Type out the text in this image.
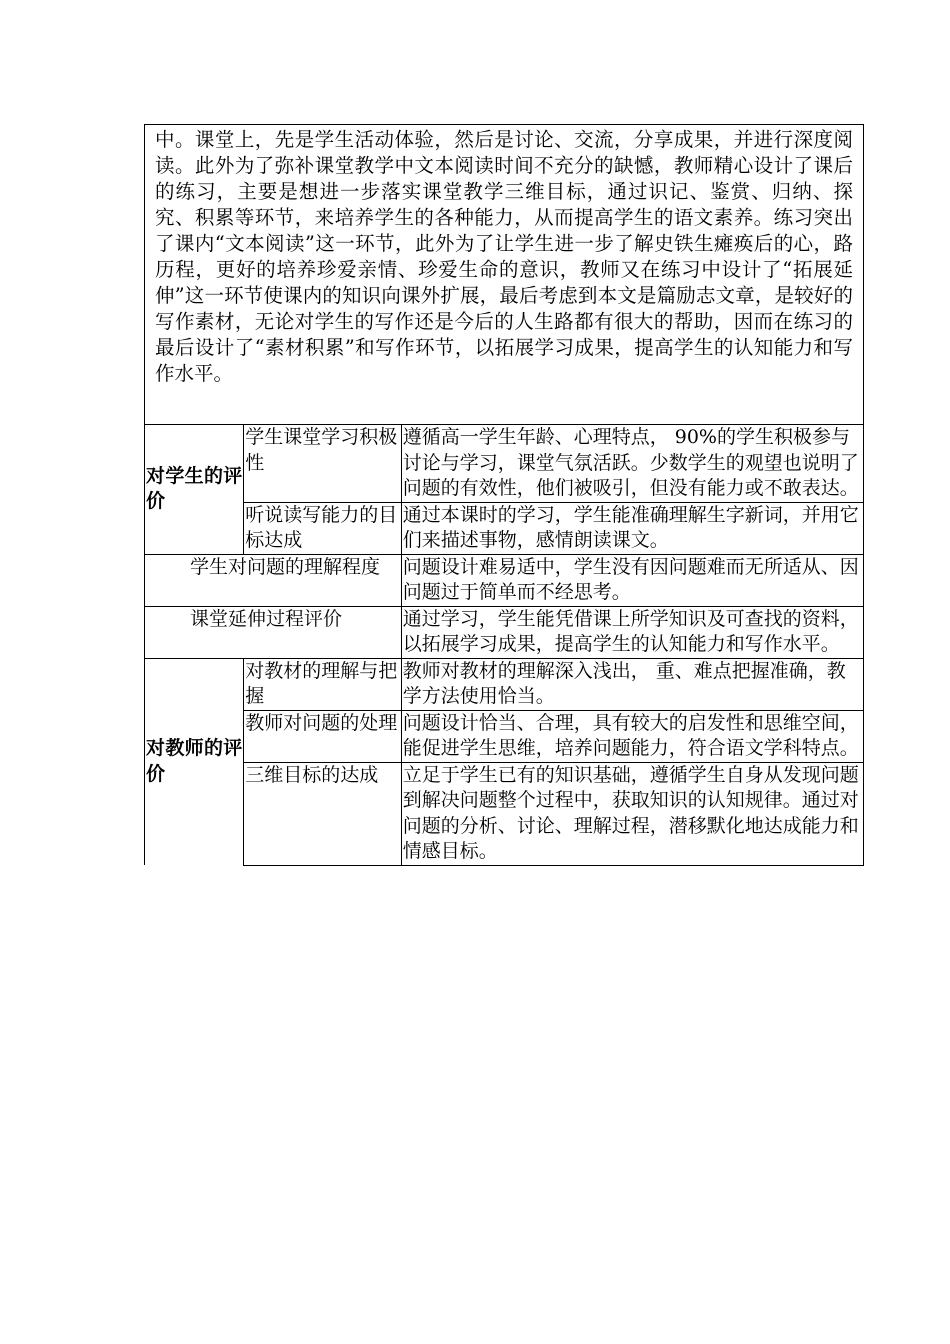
中。课堂上，先是学生活动体验，然后是讨论、交流，分享成果，并进行深度阅读。此外为了弥补课堂教学中文本阅读时间不充分的缺憾，教师精心设计了课后的练习，主要是想进一步落实课堂教学三维目标，通过识记、鉴赏、归纳、探究、积累等环节，来培养学生的各种能力，从而提高学生的语文素养。练习突出了课内“文本阅读”这一环节，此外为了让学生进一步了解史铁生瘫痪后的心，路历程，更好的培养珍爱亲情、珍爱生命的意识，教师又在练习中设计了“拓展延伸”这一环节使课内的知识向课外扩展，最后考虑到本文是篇励志文章，是较好的写作素材，无论对学生的写作还是今后的人生路都有很大的帮助，因而在练习的最后设计了“素材积累”和写作环节，以拓展学习成果，提高学生的认知能力和写作水平。
对学生的评价	学生课堂学习积极性	遵循高一学生年龄、心理特点， 90%的学生积极参与讨论与学习，课堂气氛活跃。少数学生的观望也说明了问题的有效性，他们被吸引，但没有能力或不敢表达。
	听说读写能力的目标达成	通过本课时的学习，学生能准确理解生字新词，并用它们来描述事物，感情朗读课文。
学生对问题的理解程度		问题设计难易适中，学生没有因问题难而无所适从、因问题过于简单而不经思考。
课堂延伸过程评价		通过学习，学生能凭借课上所学知识及可查找的资料，以拓展学习成果，提高学生的认知能力和写作水平。
对教师的评价	对教材的理解与把握	教师对教材的理解深入浅出， 重、难点把握准确，教学方法使用恰当。
	教师对问题的处理	问题设计恰当、合理，具有较大的启发性和思维空间，能促进学生思维，培养问题能力，符合语文学科特点。
	三维目标的达成	立足于学生已有的知识基础，遵循学生自身从发现问题到解决问题整个过程中，获取知识的认知规律。通过对问题的分析、讨论、理解过程，潜移默化地达成能力和情感目标。
